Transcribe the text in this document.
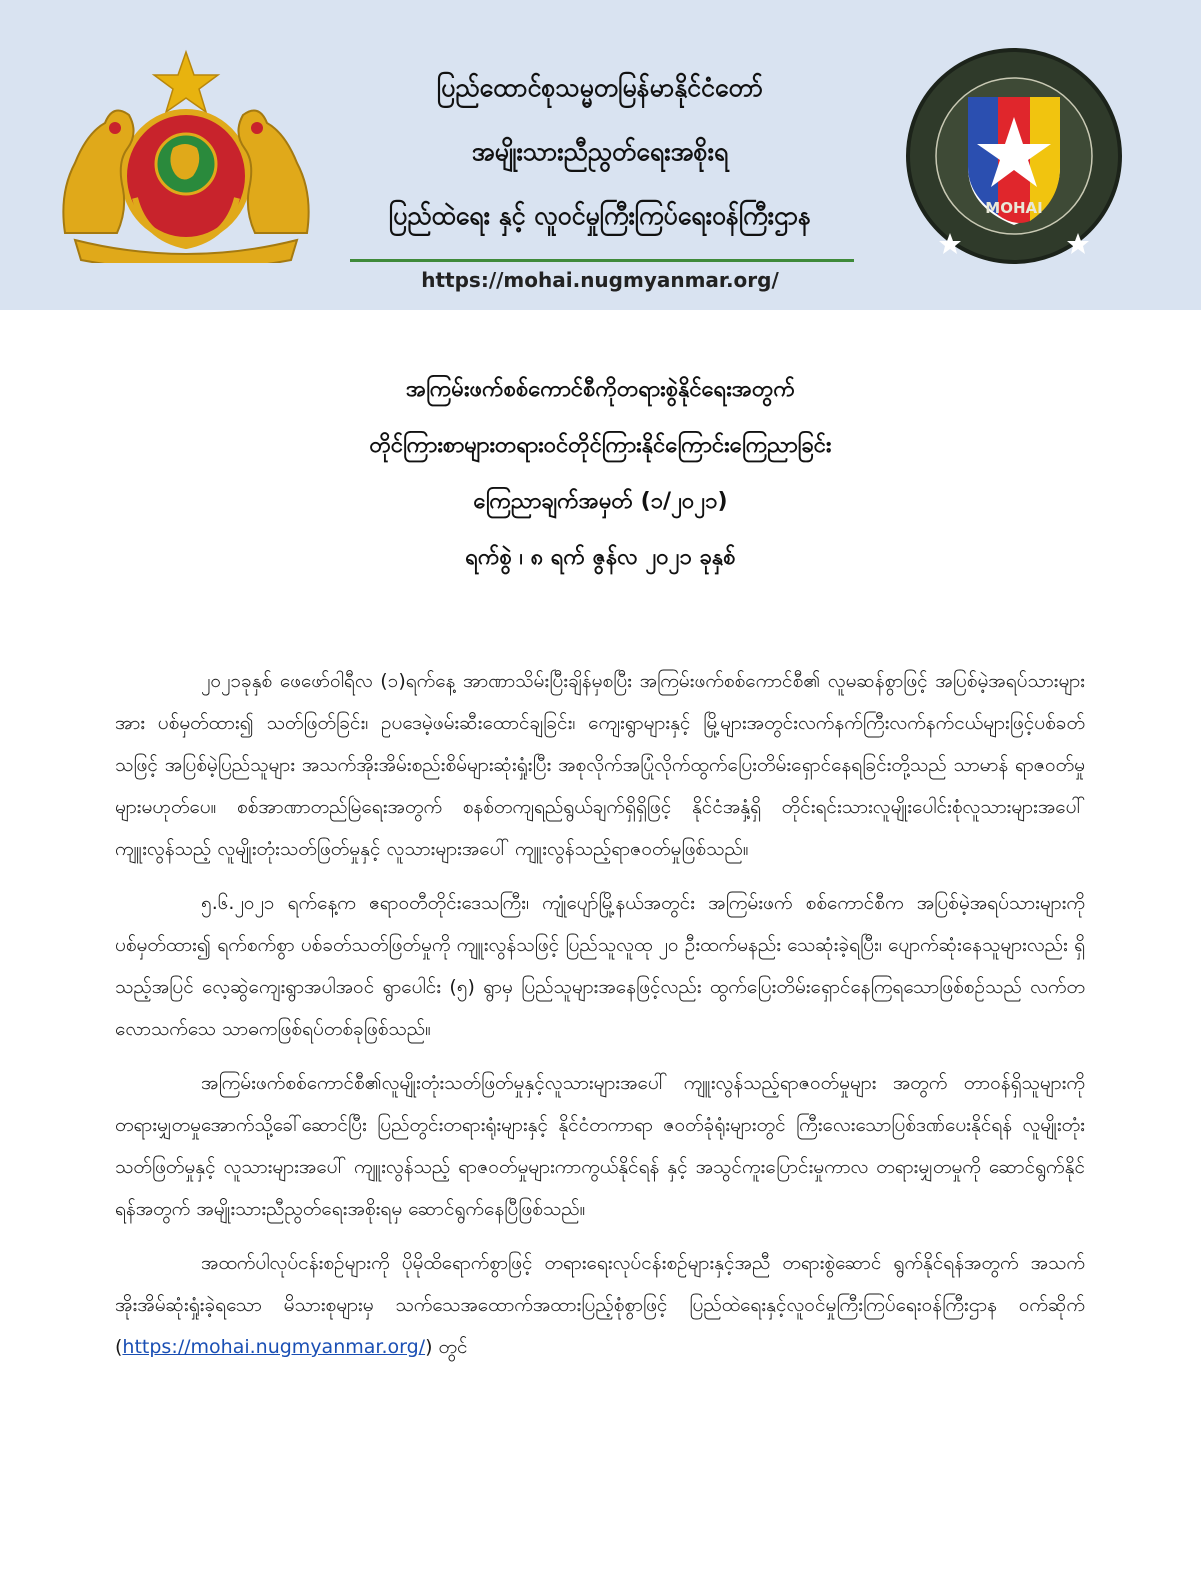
ပြည်ထောင်စုသမ္မတမြန်မာနိုင်ငံတော်
အမျိုးသားညီညွတ်ရေးအစိုးရ
ပြည်ထဲရေး နှင့် လူဝင်မှုကြီးကြပ်ရေးဝန်ကြီးဌာန
https://mohai.nugmyanmar.org/
MOHAI
အကြမ်းဖက်စစ်ကောင်စီကိုတရားစွဲနိုင်ရေးအတွက်
တိုင်ကြားစာများတရားဝင်တိုင်ကြားနိုင်ကြောင်းကြေညာခြင်း
ကြေညာချက်အမှတ် (၁/၂၀၂၁)
ရက်စွဲ ၊ ၈ ရက် ဇွန်လ ၂၀၂၁ ခုနှစ်

၂၀၂၁ခုနှစ် ဖေဖော်ဝါရီလ (၁)ရက်နေ့ အာဏာသိမ်းပြီးချိန်မှစပြီး အကြမ်းဖက်စစ်ကောင်စီ၏ လူမဆန်စွာဖြင့် အပြစ်မဲ့အရပ်သားများအား ပစ်မှတ်ထား၍ သတ်ဖြတ်ခြင်း၊ ဥပဒေမဲ့ဖမ်းဆီးထောင်ချခြင်း၊ ကျေးရွာများနှင့် မြို့များအတွင်းလက်နက်ကြီးလက်နက်ငယ်များဖြင့်ပစ်ခတ်သဖြင့် အပြစ်မဲ့ပြည်သူများ အသက်အိုးအိမ်းစည်းစိမ်များဆုံးရှုံးပြီး အစုလိုက်အပြုံလိုက်ထွက်ပြေးတိမ်းရှောင်နေရခြင်းတို့သည် သာမာန် ရာဇဝတ်မှုများမဟုတ်ပေ။ စစ်အာဏာတည်မြဲရေးအတွက် စနစ်တကျရည်ရွယ်ချက်ရှိရှိဖြင့် နိုင်ငံအနှံ့ရှိ တိုင်းရင်းသားလူမျိုးပေါင်းစုံလူသားများအပေါ် ကျူးလွန်သည့် လူမျိုးတုံးသတ်ဖြတ်မှုနှင့် လူသားများအပေါ် ကျူးလွန်သည့်ရာဇဝတ်မှုဖြစ်သည်။

၅.၆.၂၀၂၁ ရက်နေ့က ဧရာဝတီတိုင်းဒေသကြီး၊ ကျုံပျော်မြို့နယ်အတွင်း အကြမ်းဖက် စစ်ကောင်စီက အပြစ်မဲ့အရပ်သားများကို ပစ်မှတ်ထား၍ ရက်စက်စွာ ပစ်ခတ်သတ်ဖြတ်မှုကို ကျူးလွန်သဖြင့် ပြည်သူလူထု ၂၀ ဦးထက်မနည်း သေဆုံးခဲ့ရပြီး၊ ပျောက်ဆုံးနေသူများလည်း ရှိသည့်အပြင် လေ့ဆွဲကျေးရွာအပါအဝင် ရွာပေါင်း (၅) ရွာမှ ပြည်သူများအနေဖြင့်လည်း ထွက်ပြေးတိမ်းရှောင်နေကြရသောဖြစ်စဉ်သည် လက်တလောသက်သေ သာဓကဖြစ်ရပ်တစ်ခုဖြစ်သည်။

အကြမ်းဖက်စစ်ကောင်စီ၏လူမျိုးတုံးသတ်ဖြတ်မှုနှင့်လူသားများအပေါ် ကျူးလွန်သည့်ရာဇဝတ်မှုများ အတွက် တာဝန်ရှိသူများကို တရားမျှတမှုအောက်သို့ခေါ်ဆောင်ပြီး ပြည်တွင်းတရားရုံးများနှင့် နိုင်ငံတကာရာ ဇဝတ်ခုံရုံးများတွင် ကြီးလေးသောပြစ်ဒဏ်ပေးနိုင်ရန် လူမျိုးတုံးသတ်ဖြတ်မှုနှင့် လူသားများအပေါ် ကျူးလွန်သည့် ရာဇဝတ်မှုများကာကွယ်နိုင်ရန် နှင့် အသွင်ကူးပြောင်းမှုကာလ တရားမျှတမှုကို ဆောင်ရွက်နိုင်ရန်အတွက် အမျိုးသားညီညွတ်ရေးအစိုးရမှ ဆောင်ရွက်နေပြီဖြစ်သည်။

အထက်ပါလုပ်ငန်းစဉ်များကို ပိုမိုထိရောက်စွာဖြင့် တရားရေးလုပ်ငန်းစဉ်များနှင့်အညီ တရားစွဲဆောင် ရွက်နိုင်ရန်အတွက် အသက်အိုးအိမ်ဆုံးရှုံးခဲ့ရသော မိသားစုများမှ သက်သေအထောက်အထားပြည့်စုံစွာဖြင့် ပြည်ထဲရေးနှင့်လူဝင်မှုကြီးကြပ်ရေးဝန်ကြီးဌာန ဝက်ဆိုက် (https://mohai.nugmyanmar.org/) တွင်
